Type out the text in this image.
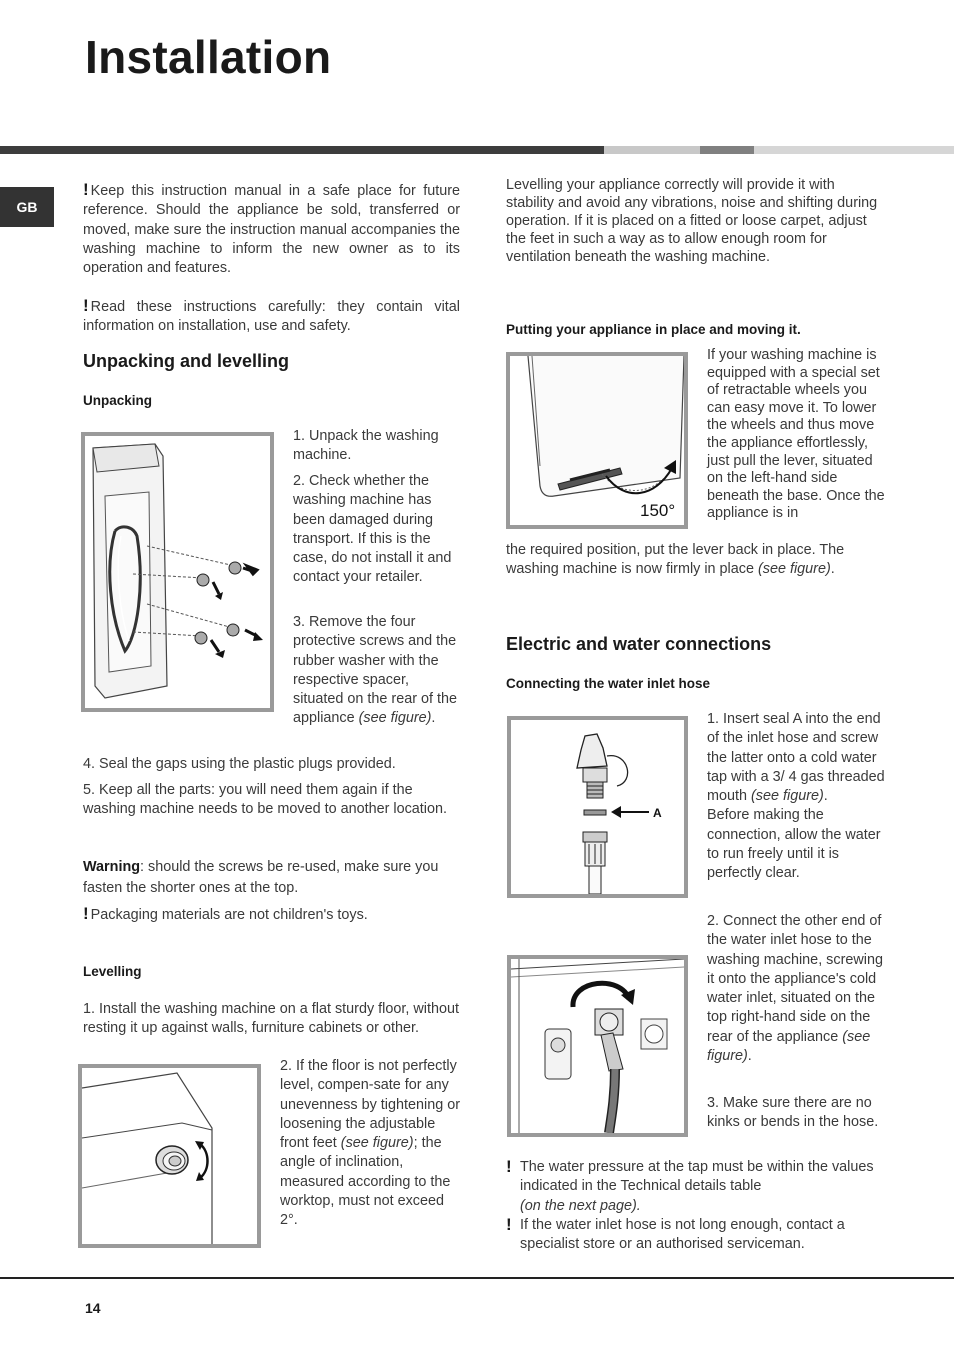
Installation
GB

! Keep this instruction manual in a safe place for future reference. Should the appliance be sold, transferred or moved, make sure the instruction manual accompanies the washing machine to inform the new owner as to its operation and features.

! Read these instructions carefully: they contain vital information on installation, use and safety.

Unpacking and levelling
Unpacking

1. Unpack the washing machine.

2. Check whether the washing machine has been damaged during transport. If this is the case, do not install it and contact your retailer.

3. Remove the four protective screws and the rubber washer with the respective spacer, situated on the rear of the appliance (see figure).

4. Seal the gaps using the plastic plugs provided.

5. Keep all the parts: you will need them again if the washing machine needs to be moved to another location.

Warning: should the screws be re-used, make sure you fasten the shorter ones at the top.

! Packaging materials are not children's toys.

Levelling

1. Install the washing machine on a flat sturdy floor, without resting it up against walls, furniture cabinets or other.

2. If the floor is not perfectly level, compen-sate for any unevenness by tightening or loosening the adjustable front feet (see figure); the angle of inclination, measured according to the worktop, must not exceed 2°.

Levelling your appliance correctly will provide it with stability and avoid any vibrations, noise and shifting during operation. If it is placed on a fitted or loose carpet, adjust the feet in such a way as to allow enough room for ventilation beneath the washing machine.

Putting your appliance in place and moving it.
150°

If your washing machine is equipped with a special set of retractable wheels you can easy move it. To lower the wheels and thus move the appliance effortlessly, just pull the lever, situated on the left-hand side beneath the base. Once the appliance is in

the required position, put the lever back in place. The washing machine is now firmly in place (see figure).

Electric and water connections
Connecting the water inlet hose
A

1. Insert seal A into the end of the inlet hose and screw the latter onto a cold water tap with a 3/ 4 gas threaded mouth (see figure).
Before making the connection, allow the water to run freely until it is perfectly clear.

2. Connect the other end of the water inlet hose to the washing machine, screwing it onto the appliance's cold water inlet, situated on the top right-hand side on the rear of the appliance (see figure).

3. Make sure there are no kinks or bends in the hose.

! The water pressure at the tap must be within the values indicated in the Technical details table
(on the next page).

! If the water inlet hose is not long enough, contact a specialist store or an authorised serviceman.

14
